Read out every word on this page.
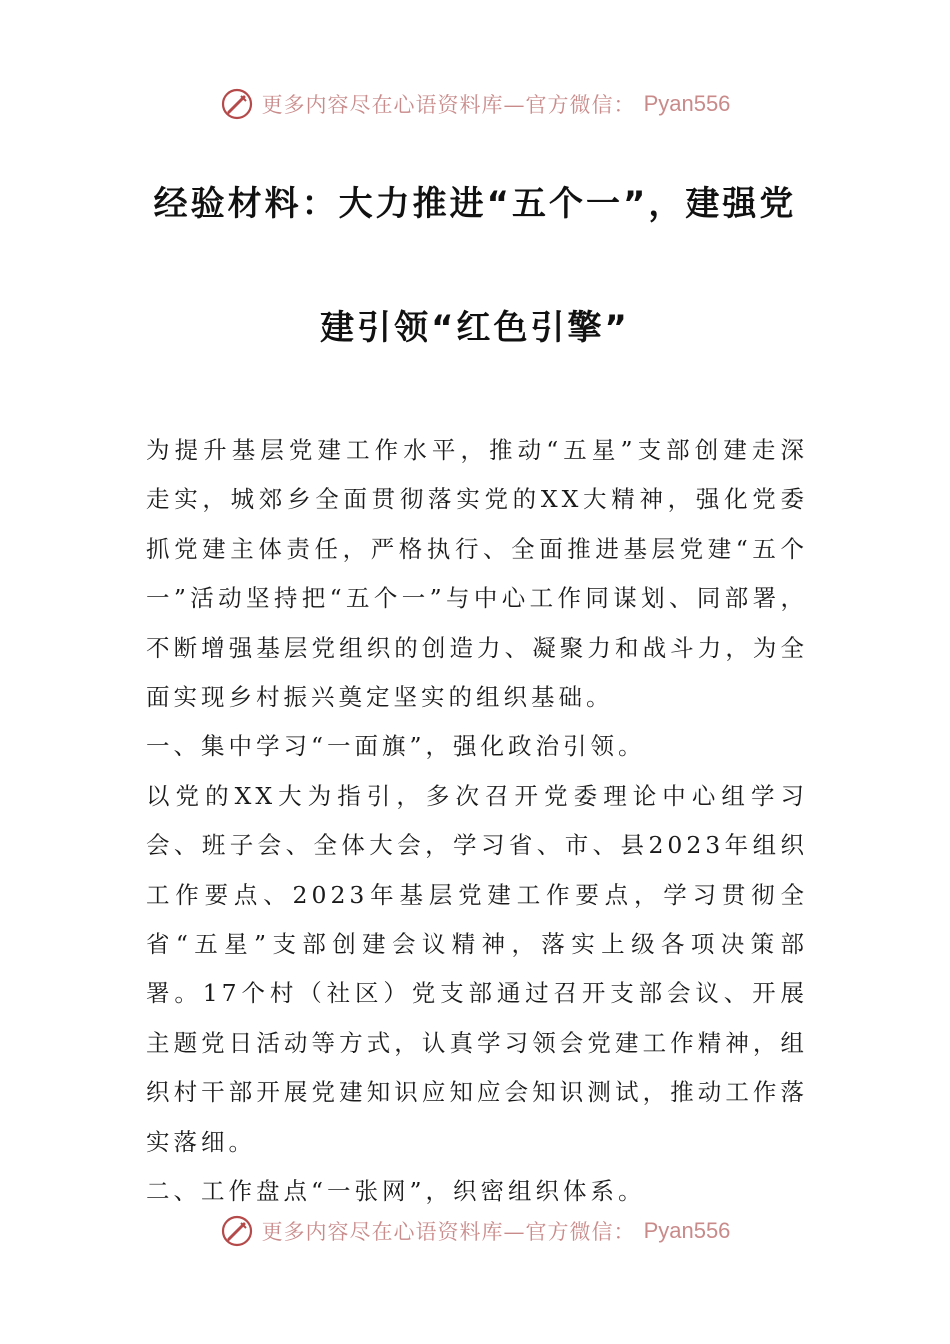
更多内容尽在心语资料库—官方微信： Pyan556
经验材料：大力推进“五个一”，建强党
建引领“红色引擎”

为提升基层党建工作水平，推动“五星”支部创建走深走实，城郊乡全面贯彻落实党的XX大精神，强化党委抓党建主体责任，严格执行、全面推进基层党建“五个一”活动坚持把“五个一”与中心工作同谋划、同部署，不断增强基层党组织的创造力、凝聚力和战斗力，为全面实现乡村振兴奠定坚实的组织基础。

一、集中学习“一面旗”，强化政治引领。

以党的XX大为指引，多次召开党委理论中心组学习会、班子会、全体大会，学习省、市、县2023年组织工作要点、2023年基层党建工作要点，学习贯彻全省“五星”支部创建会议精神，落实上级各项决策部署。17个村（社区）党支部通过召开支部会议、开展主题党日活动等方式，认真学习领会党建工作精神，组织村干部开展党建知识应知应会知识测试，推动工作落实落细。

二、工作盘点“一张网”，织密组织体系。

更多内容尽在心语资料库—官方微信： Pyan556
